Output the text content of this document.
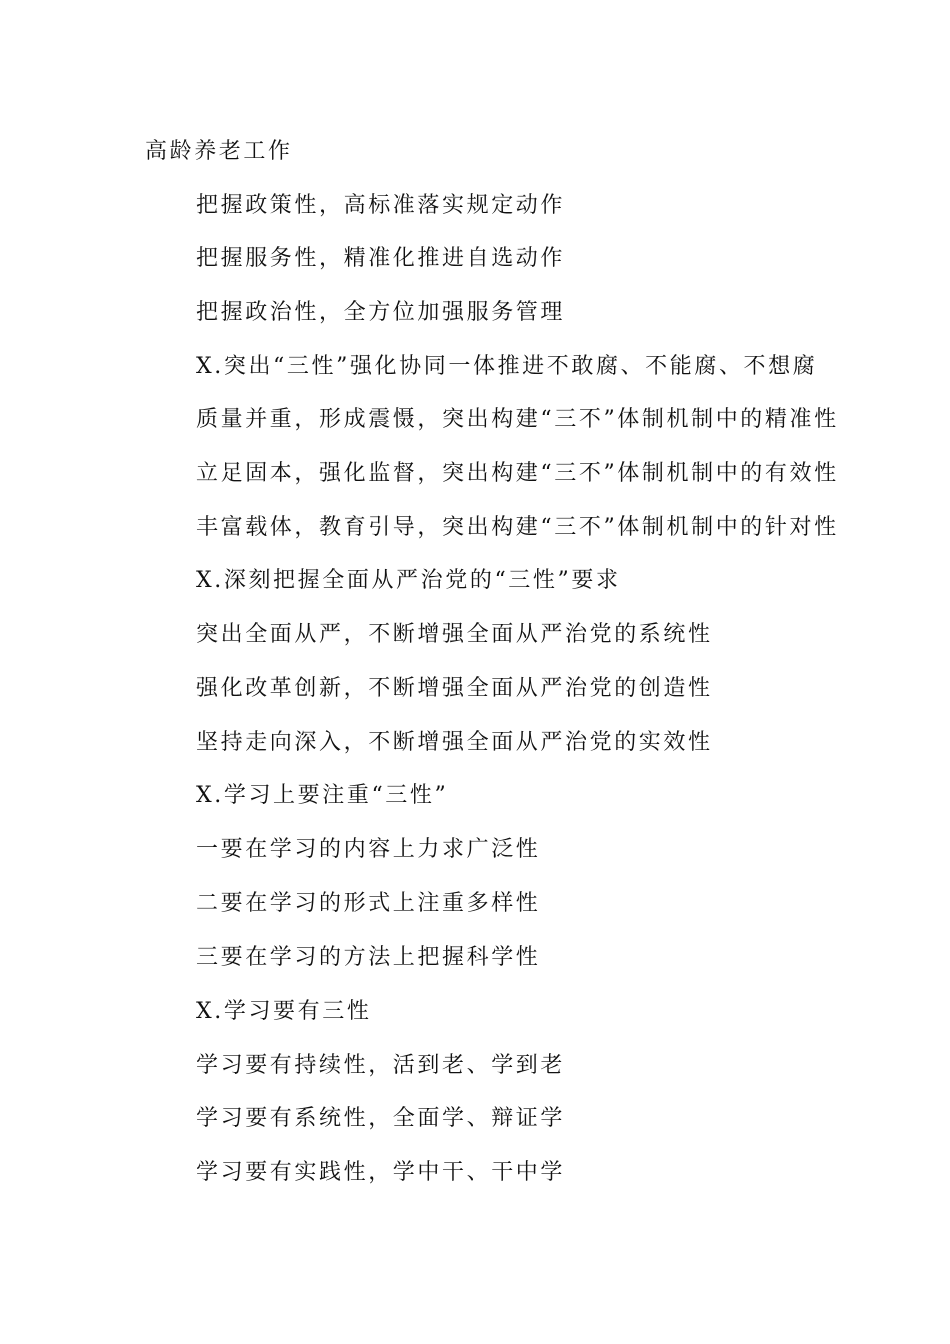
高龄养老工作
把握政策性，高标准落实规定动作
把握服务性，精准化推进自选动作
把握政治性，全方位加强服务管理
X.突出“三性”强化协同一体推进不敢腐、不能腐、不想腐
质量并重，形成震慑，突出构建“三不”体制机制中的精准性
立足固本，强化监督，突出构建“三不”体制机制中的有效性
丰富载体，教育引导，突出构建“三不”体制机制中的针对性
X.深刻把握全面从严治党的“三性”要求
突出全面从严，不断增强全面从严治党的系统性
强化改革创新，不断增强全面从严治党的创造性
坚持走向深入，不断增强全面从严治党的实效性
X.学习上要注重“三性”
一要在学习的内容上力求广泛性
二要在学习的形式上注重多样性
三要在学习的方法上把握科学性
X.学习要有三性
学习要有持续性，活到老、学到老
学习要有系统性，全面学、辩证学
学习要有实践性，学中干、干中学
